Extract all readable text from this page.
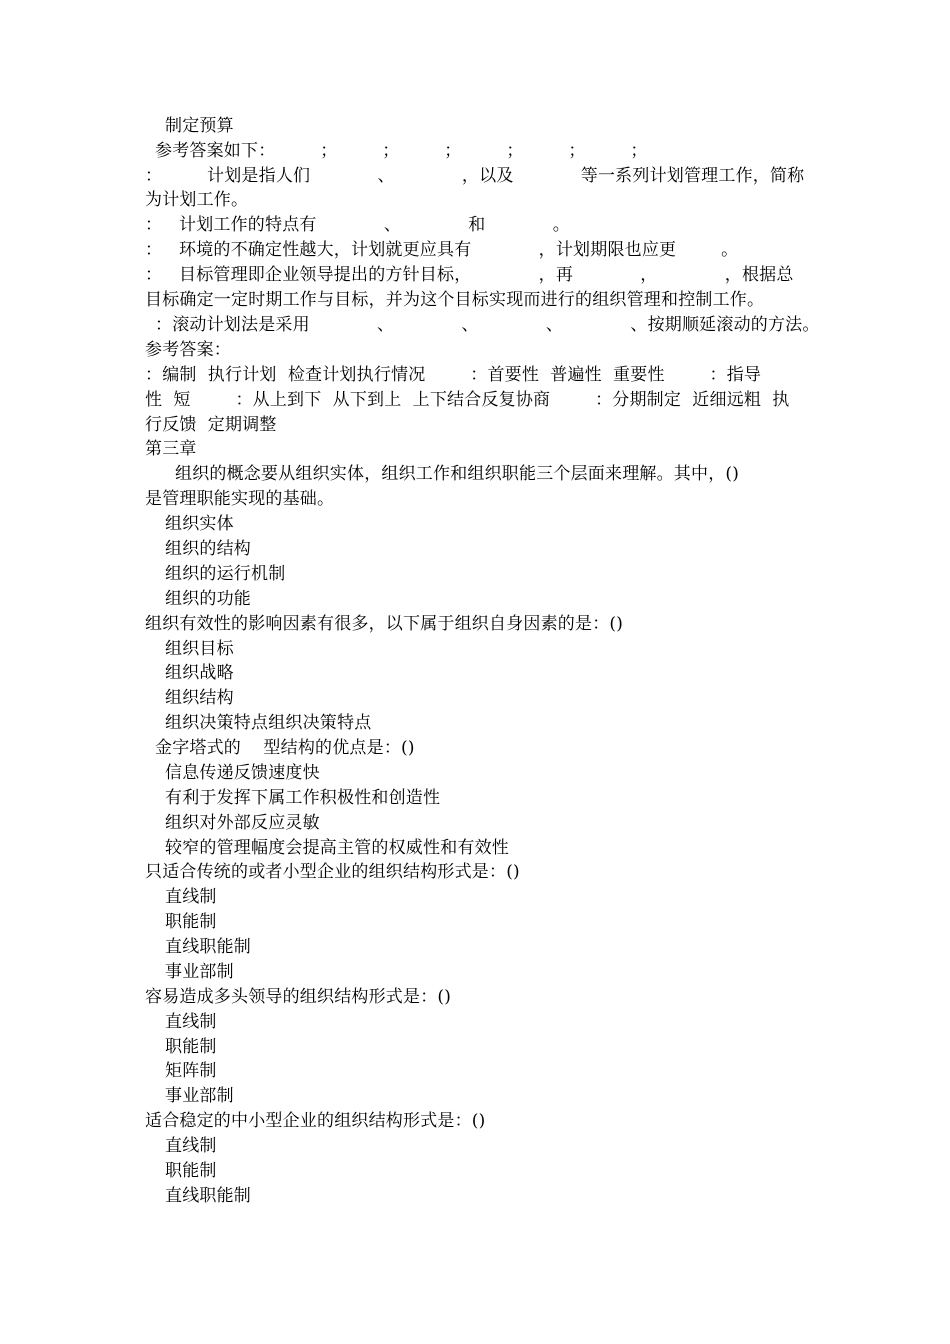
制定预算
参考答案如下：        ；        ；        ；        ；        ；        ；
：        计划是指人们            、            ，以及            等一系列计划管理工作，简称
为计划工作。
：   计划工作的特点有            、            和            。
：   环境的不确定性越大，计划就更应具有            ，计划期限也应更        。
：   目标管理即企业领导提出的方针目标，            ，再            ，            ，根据总
目标确定一定时期工作与目标，并为这个目标实现而进行的组织管理和控制工作。
：滚动计划法是采用            、            、            、            、按期顺延滚动的方法。
参考答案：
：编制  执行计划  检查计划执行情况        ：首要性  普遍性  重要性        ：指导
性  短        ：从上到下  从下到上  上下结合反复协商        ：分期制定  近细远粗  执
行反馈  定期调整
第三章
组织的概念要从组织实体，组织工作和组织职能三个层面来理解。其中，()
是管理职能实现的基础。
组织实体
组织的结构
组织的运行机制
组织的功能
组织有效性的影响因素有很多，以下属于组织自身因素的是：()
组织目标
组织战略
组织结构
组织决策特点组织决策特点
金字塔式的    型结构的优点是：()
信息传递反馈速度快
有利于发挥下属工作积极性和创造性
组织对外部反应灵敏
较窄的管理幅度会提高主管的权威性和有效性
只适合传统的或者小型企业的组织结构形式是：()
直线制
职能制
直线职能制
事业部制
容易造成多头领导的组织结构形式是：()
直线制
职能制
矩阵制
事业部制
适合稳定的中小型企业的组织结构形式是：()
直线制
职能制
直线职能制
